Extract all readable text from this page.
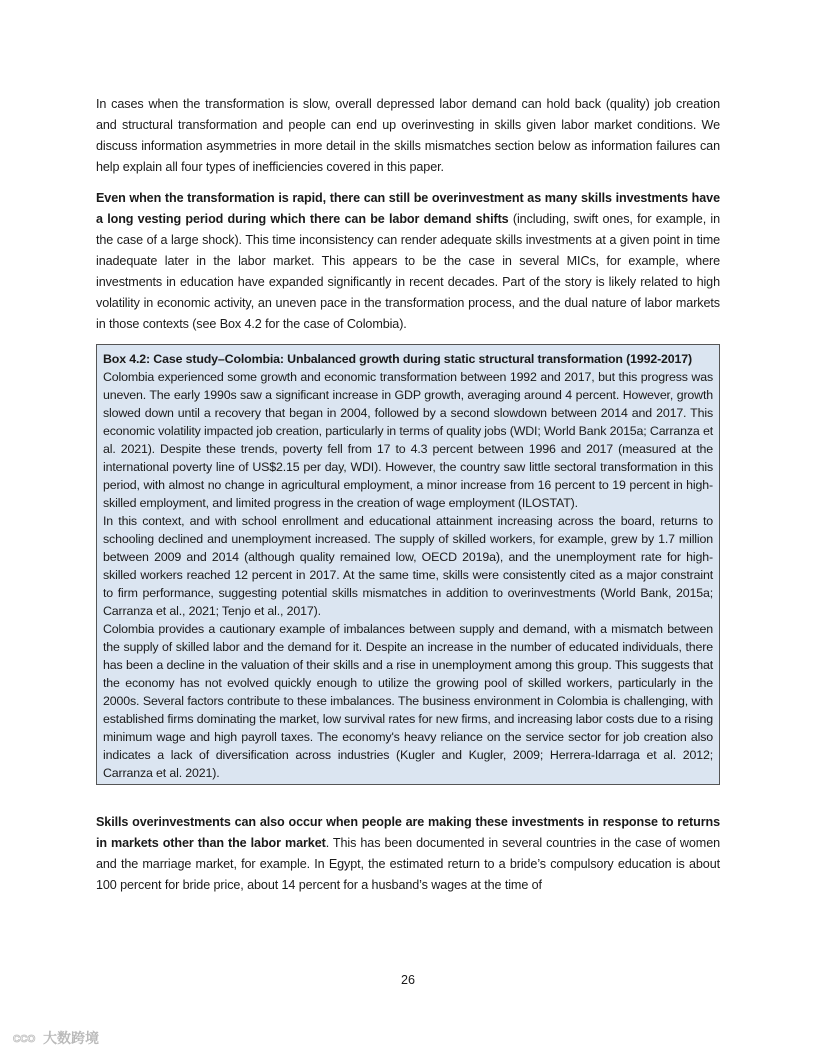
In cases when the transformation is slow, overall depressed labor demand can hold back (quality) job creation and structural transformation and people can end up overinvesting in skills given labor market conditions. We discuss information asymmetries in more detail in the skills mismatches section below as information failures can help explain all four types of inefficiencies covered in this paper.

Even when the transformation is rapid, there can still be overinvestment as many skills investments have a long vesting period during which there can be labor demand shifts (including, swift ones, for example, in the case of a large shock). This time inconsistency can render adequate skills investments at a given point in time inadequate later in the labor market. This appears to be the case in several MICs, for example, where investments in education have expanded significantly in recent decades. Part of the story is likely related to high volatility in economic activity, an uneven pace in the transformation process, and the dual nature of labor markets in those contexts (see Box 4.2 for the case of Colombia).

Box 4.2: Case study–Colombia: Unbalanced growth during static structural transformation (1992-2017)

Colombia experienced some growth and economic transformation between 1992 and 2017, but this progress was uneven. The early 1990s saw a significant increase in GDP growth, averaging around 4 percent. However, growth slowed down until a recovery that began in 2004, followed by a second slowdown between 2014 and 2017. This economic volatility impacted job creation, particularly in terms of quality jobs (WDI; World Bank 2015a; Carranza et al. 2021). Despite these trends, poverty fell from 17 to 4.3 percent between 1996 and 2017 (measured at the international poverty line of US$2.15 per day, WDI). However, the country saw little sectoral transformation in this period, with almost no change in agricultural employment, a minor increase from 16 percent to 19 percent in high-skilled employment, and limited progress in the creation of wage employment (ILOSTAT).

In this context, and with school enrollment and educational attainment increasing across the board, returns to schooling declined and unemployment increased. The supply of skilled workers, for example, grew by 1.7 million between 2009 and 2014 (although quality remained low, OECD 2019a), and the unemployment rate for high-skilled workers reached 12 percent in 2017. At the same time, skills were consistently cited as a major constraint to firm performance, suggesting potential skills mismatches in addition to overinvestments (World Bank, 2015a; Carranza et al., 2021; Tenjo et al., 2017).

Colombia provides a cautionary example of imbalances between supply and demand, with a mismatch between the supply of skilled labor and the demand for it. Despite an increase in the number of educated individuals, there has been a decline in the valuation of their skills and a rise in unemployment among this group. This suggests that the economy has not evolved quickly enough to utilize the growing pool of skilled workers, particularly in the 2000s. Several factors contribute to these imbalances. The business environment in Colombia is challenging, with established firms dominating the market, low survival rates for new firms, and increasing labor costs due to a rising minimum wage and high payroll taxes. The economy's heavy reliance on the service sector for job creation also indicates a lack of diversification across industries (Kugler and Kugler, 2009; Herrera-Idarraga et al. 2012; Carranza et al. 2021).

Skills overinvestments can also occur when people are making these investments in response to returns in markets other than the labor market. This has been documented in several countries in the case of women and the marriage market, for example. In Egypt, the estimated return to a bride’s compulsory education is about 100 percent for bride price, about 14 percent for a husband’s wages at the time of

26
CCO 大数跨境
